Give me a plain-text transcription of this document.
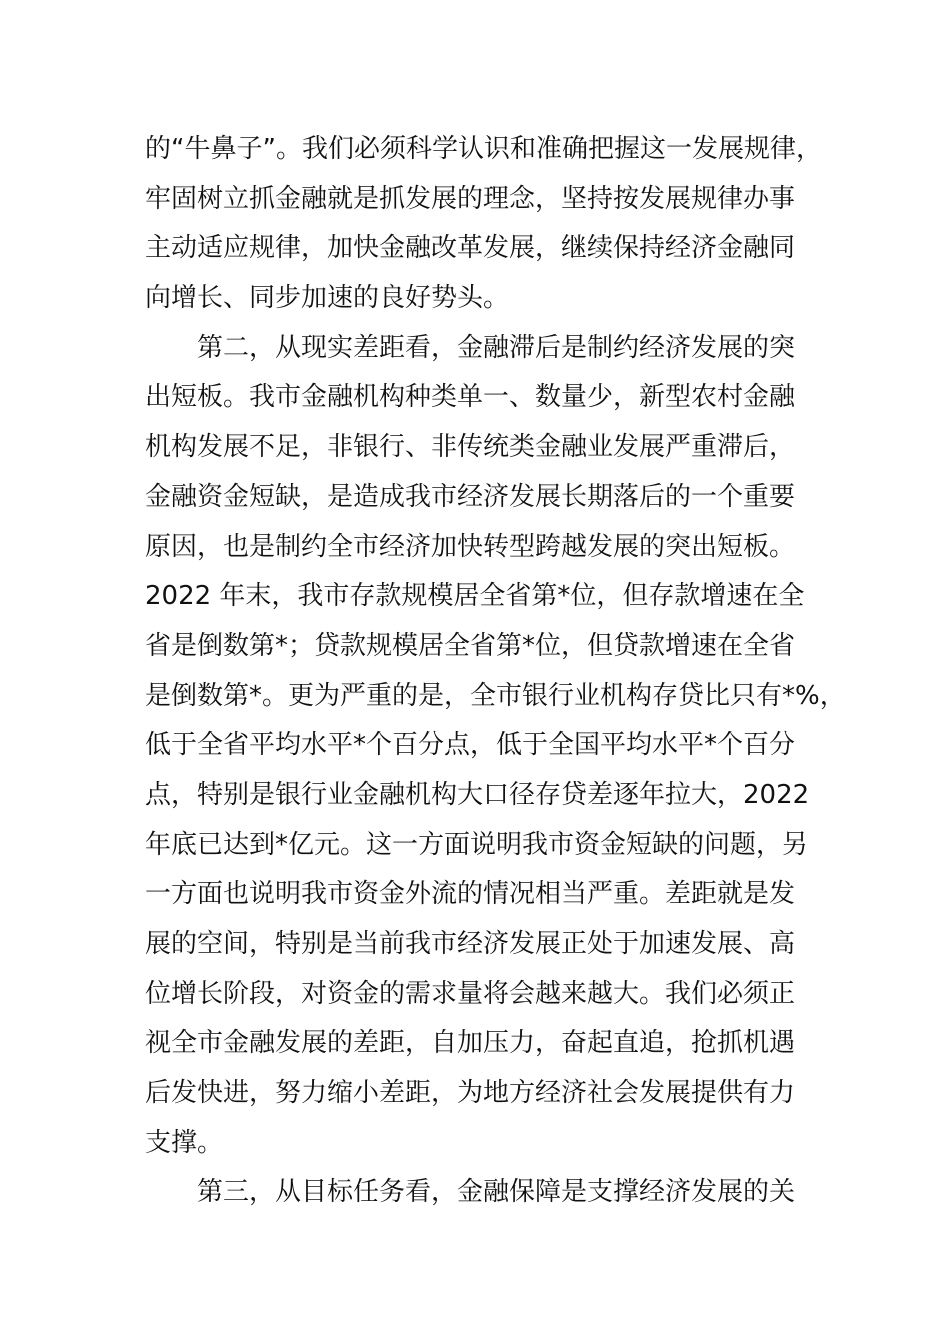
的“牛鼻子”。我们必须科学认识和准确把握这一发展规律，
牢固树立抓金融就是抓发展的理念，坚持按发展规律办事
主动适应规律，加快金融改革发展，继续保持经济金融同
向增长、同步加速的良好势头。
第二，从现实差距看，金融滞后是制约经济发展的突
出短板。我市金融机构种类单一、数量少，新型农村金融
机构发展不足，非银行、非传统类金融业发展严重滞后，
金融资金短缺，是造成我市经济发展长期落后的一个重要
原因，也是制约全市经济加快转型跨越发展的突出短板。
2022 年末，我市存款规模居全省第*位，但存款增速在全
省是倒数第*；贷款规模居全省第*位，但贷款增速在全省
是倒数第*。更为严重的是，全市银行业机构存贷比只有*%，
低于全省平均水平*个百分点，低于全国平均水平*个百分
点，特别是银行业金融机构大口径存贷差逐年拉大，2022
年底已达到*亿元。这一方面说明我市资金短缺的问题，另
一方面也说明我市资金外流的情况相当严重。差距就是发
展的空间，特别是当前我市经济发展正处于加速发展、高
位增长阶段，对资金的需求量将会越来越大。我们必须正
视全市金融发展的差距，自加压力，奋起直追，抢抓机遇
后发快进，努力缩小差距，为地方经济社会发展提供有力
支撑。
第三，从目标任务看，金融保障是支撑经济发展的关
